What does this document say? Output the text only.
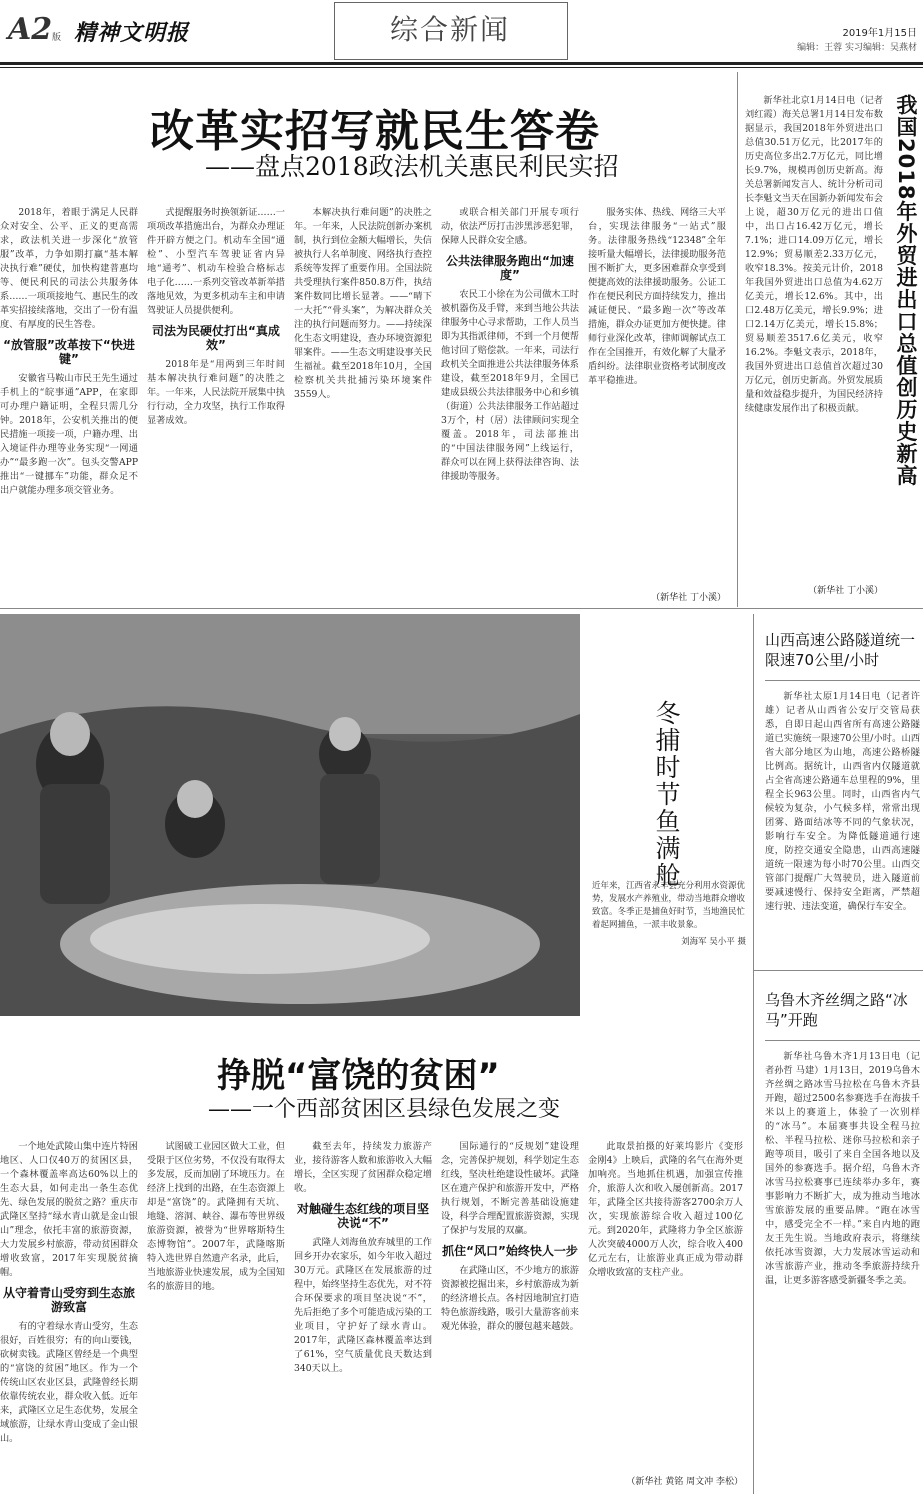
A2 版 精神文明报	综合新闻	2019年1月15日
编辑：王蓉 实习编辑：吴燕材
改革实招写就民生答卷
——盘点2018政法机关惠民利民实招

2018年，着眼于满足人民群众对安全、公平、正义的更高需求，政法机关进一步深化“放管服”改革，力争如期打赢“基本解决执行难”硬仗，加快构建普惠均等、便民利民的司法公共服务体系……一项项接地气、惠民生的改革实招接续落地，交出了一份有温度、有厚度的民生答卷。

“放管服”改革按下“快进键”

安徽省马鞍山市民王先生通过手机上的“皖事通”APP，在家即可办理户籍证明，全程只需几分钟。2018年，公安机关推出的便民措施一项接一项，户籍办理、出入境证件办理等业务实现“一网通办”“最多跑一次”。包头交警APP推出“一键挪车”功能，群众足不出户就能办理多项交管业务。

式提醒服务时换领新证……一项项改革措施出台，为群众办理证件开辟方便之门。机动车全国“通检”、小型汽车驾驶证省内异地“通考”、机动车检验合格标志电子化……一系列交管改革新举措落地见效，为更多机动车主和申请驾驶证人员提供便利。

司法为民硬仗打出“真成效”

2018年是“用两到三年时间基本解决执行难问题”的决胜之年。一年来，人民法院开展集中执行行动，全力攻坚，执行工作取得显著成效。

本解决执行难问题”的决胜之年。一年来，人民法院创新办案机制，执行到位金额大幅增长，失信被执行人名单制度、网络执行查控系统等发挥了重要作用。全国法院共受理执行案件850.8万件，执结案件数同比增长显著。——“晴下一大托”“骨头案”，为解决群众关注的执行问题而努力。——持续深化生态文明建设，查办环境资源犯罪案件。——生态文明建设事关民生福祉。截至2018年10月，全国检察机关共批捕污染环境案件3559人。

或联合相关部门开展专项行动，依法严厉打击涉黑涉恶犯罪，保障人民群众安全感。

公共法律服务跑出“加速度”

农民工小徐在为公司做木工时被机器伤及手臂，来到当地公共法律服务中心寻求帮助，工作人员当即为其指派律师，不到一个月便帮他讨回了赔偿款。一年来，司法行政机关全面推进公共法律服务体系建设，截至2018年9月，全国已建成县级公共法律服务中心和乡镇（街道）公共法律服务工作站超过3万个，村（居）法律顾问实现全覆盖。2018年，司法部推出的“中国法律服务网”上线运行，群众可以在网上获得法律咨询、法律援助等服务。

服务实体、热线、网络三大平台，实现法律服务“一站式”服务。法律服务热线“12348”全年接听量大幅增长，法律援助服务范围不断扩大，更多困难群众享受到便捷高效的法律援助服务。公证工作在便民利民方面持续发力，推出减证便民、“最多跑一次”等改革措施，群众办证更加方便快捷。律师行业深化改革，律师调解试点工作在全国推开，有效化解了大量矛盾纠纷。法律职业资格考试制度改革平稳推进。

（新华社 丁小溪）

新华社北京1月14日电（记者刘红霞）海关总署1月14日发布数据显示，我国2018年外贸进出口总值30.51万亿元，比2017年的历史高位多出2.7万亿元，同比增长9.7%，规模再创历史新高。海关总署新闻发言人、统计分析司司长李魁文当天在国新办新闻发布会上说，超30万亿元的进出口值中，出口占16.42万亿元，增长7.1%；进口14.09万亿元，增长12.9%；贸易顺差2.33万亿元，收窄18.3%。按美元计价，2018年我国外贸进出口总值为4.62万亿美元，增长12.6%。其中，出口2.48万亿美元，增长9.9%；进口2.14万亿美元，增长15.8%；贸易顺差3517.6亿美元，收窄16.2%。李魁文表示，2018年，我国外贸进出口总值首次超过30万亿元，创历史新高。外贸发展质量和效益稳步提升，为国民经济持续健康发展作出了积极贡献。	我国2018年外贸进出口总值创历史新高
（新华社 丁小溪）
冬捕时节鱼满舱
近年来，江西省永丰县充分利用水资源优势，发展水产养殖业，带动当地群众增收致富。冬季正是捕鱼好时节，当地渔民忙着起网捕鱼，一派丰收景象。
刘海军 吴小平 摄
山西高速公路隧道统一限速70公里/小时

新华社太原1月14日电（记者许雄）记者从山西省公安厅交管局获悉，自即日起山西省所有高速公路隧道已实施统一限速70公里/小时。山西省大部分地区为山地，高速公路桥隧比例高。据统计，山西省内仅隧道就占全省高速公路通车总里程的9%，里程全长963公里。同时，山西省内气候较为复杂，小气候多样，常常出现团雾、路面结冰等不同的气象状况，影响行车安全。为降低隧道通行速度，防控交通安全隐患，山西高速隧道统一限速为每小时70公里。山西交管部门提醒广大驾驶员，进入隧道前要减速慢行、保持安全距离，严禁超速行驶、违法变道，确保行车安全。

乌鲁木齐丝绸之路“冰马”开跑

新华社乌鲁木齐1月13日电（记者孙哲 马建）1月13日，2019乌鲁木齐丝绸之路冰雪马拉松在乌鲁木齐县开跑，超过2500名参赛选手在海拔千米以上的赛道上，体验了一次别样的“冰马”。本届赛事共设全程马拉松、半程马拉松、迷你马拉松和亲子跑等项目，吸引了来自全国各地以及国外的参赛选手。据介绍，乌鲁木齐冰雪马拉松赛事已连续举办多年，赛事影响力不断扩大，成为推动当地冰雪旅游发展的重要品牌。“跑在冰雪中，感受完全不一样。”来自内地的跑友王先生说。当地政府表示，将继续依托冰雪资源，大力发展冰雪运动和冰雪旅游产业，推动冬季旅游持续升温，让更多游客感受新疆冬季之美。

挣脱“富饶的贫困”
——一个西部贫困区县绿色发展之变

一个地处武陵山集中连片特困地区、人口仅40万的贫困区县，一个森林覆盖率高达60%以上的生态大县，如何走出一条生态优先、绿色发展的脱贫之路？重庆市武隆区坚持“绿水青山就是金山银山”理念，依托丰富的旅游资源，大力发展乡村旅游，带动贫困群众增收致富，2017年实现脱贫摘帽。

从守着青山受穷到生态旅游致富

有的守着绿水青山受穷，生态很好，百姓很穷；有的向山要钱，砍树卖钱。武隆区曾经是一个典型的“富饶的贫困”地区。作为一个传统山区农业区县，武隆曾经长期依靠传统农业，群众收入低。近年来，武隆区立足生态优势，发展全域旅游，让绿水青山变成了金山银山。

试图破工业园区做大工业，但受限于区位劣势，不仅没有取得太多发展，反而加剧了环境压力。在经济上找到的出路，在生态资源上却是“富饶”的。武隆拥有天坑、地缝、溶洞、峡谷、瀑布等世界级旅游资源，被誉为“世界喀斯特生态博物馆”。2007年，武隆喀斯特入选世界自然遗产名录，此后，当地旅游业快速发展，成为全国知名的旅游目的地。

截至去年，持续发力旅游产业，接待游客人数和旅游收入大幅增长，全区实现了贫困群众稳定增收。

对触碰生态红线的项目坚决说“不”

武隆人刘海鱼放弃城里的工作回乡开办农家乐，如今年收入超过30万元。武隆区在发展旅游的过程中，始终坚持生态优先，对不符合环保要求的项目坚决说“不”，先后拒绝了多个可能造成污染的工业项目，守护好了绿水青山。2017年，武隆区森林覆盖率达到了61%，空气质量优良天数达到340天以上。

国际通行的“反规划”建设理念，完善保护规划，科学划定生态红线，坚决杜绝建设性破坏。武隆区在遗产保护和旅游开发中，严格执行规划，不断完善基础设施建设，科学合理配置旅游资源，实现了保护与发展的双赢。

抓住“风口”始终快人一步

在武隆山区，不少地方的旅游资源被挖掘出来，乡村旅游成为新的经济增长点。各村因地制宜打造特色旅游线路，吸引大量游客前来观光体验，群众的腰包越来越鼓。

此取景拍摄的好莱坞影片《变形金刚4》上映后，武隆的名气在海外更加响亮。当地抓住机遇，加强宣传推介，旅游人次和收入屡创新高。2017年，武隆全区共接待游客2700余万人次，实现旅游综合收入超过100亿元。到2020年，武隆将力争全区旅游人次突破4000万人次，综合收入400亿元左右，让旅游业真正成为带动群众增收致富的支柱产业。

（新华社 黄铭 周文冲 李松）
